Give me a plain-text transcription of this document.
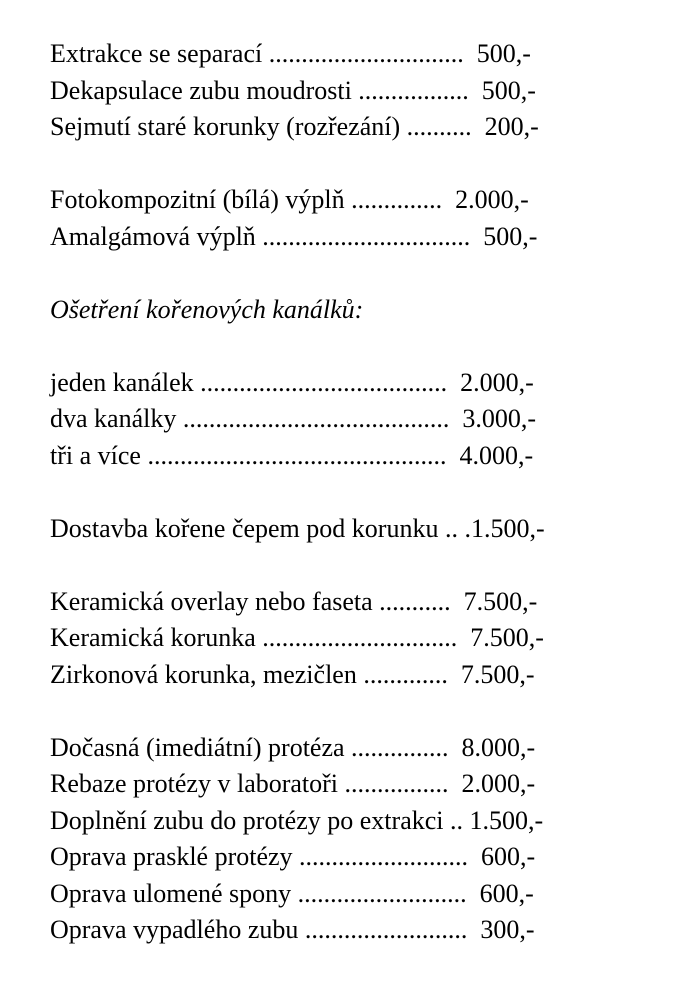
Extrakce se separací ..............................  500,-
Dekapsulace zubu moudrosti .................  500,-
Sejmutí staré korunky (rozřezání) ..........  200,-
Fotokompozitní (bílá) výplň ..............  2.000,-
Amalgámová výplň ................................  500,-
Ošetření kořenových kanálků:
jeden kanálek ......................................  2.000,-
dva kanálky .........................................  3.000,-
tři a více ..............................................  4.000,-
Dostavba kořene čepem pod korunku .. .1.500,-
Keramická overlay nebo faseta ...........  7.500,-
Keramická korunka ..............................  7.500,-
Zirkonová korunka, mezičlen .............  7.500,-
Dočasná (imediátní) protéza ...............  8.000,-
Rebaze protézy v laboratoři ................  2.000,-
Doplnění zubu do protézy po extrakci .. 1.500,-
Oprava prasklé protézy ..........................  600,-
Oprava ulomené spony ..........................  600,-
Oprava vypadlého zubu .........................  300,-
